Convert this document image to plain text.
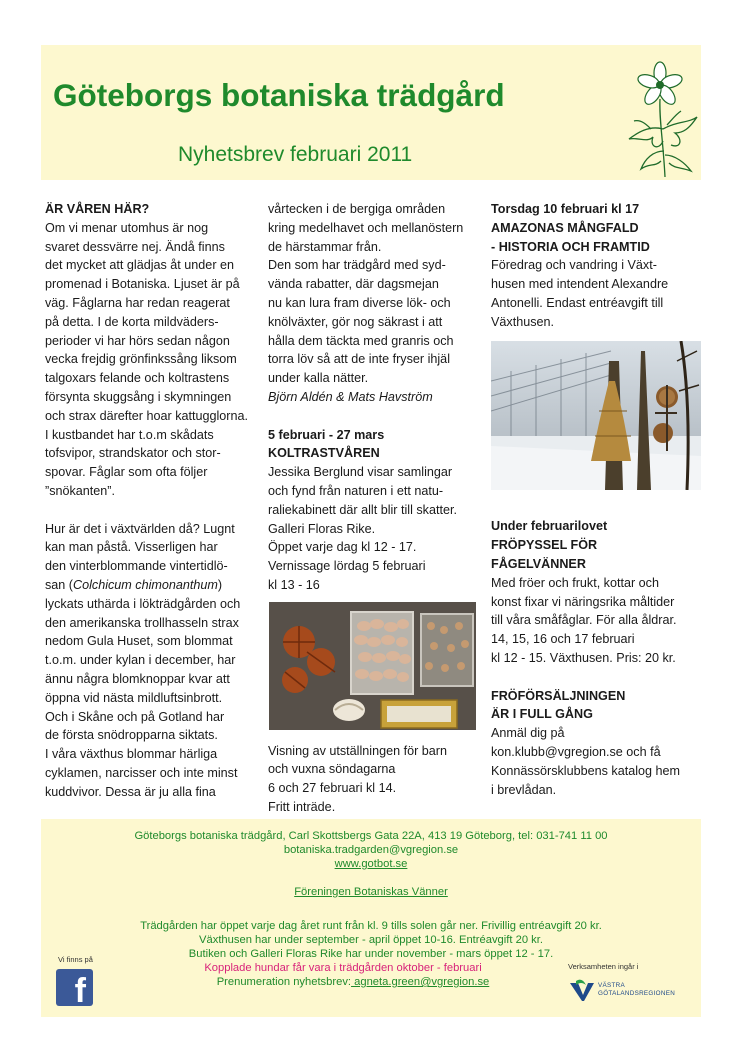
Göteborgs botaniska trädgård
Nyhetsbrev februari 2011

ÄR VÅREN HÄR?

Om vi menar utomhus är nog

svaret dessvärre nej. Ändå finns

det mycket att glädjas åt under en

promenad i Botaniska. Ljuset är på

väg. Fåglarna har redan reagerat

på detta. I de korta mildväders-

perioder vi har hörs sedan någon

vecka frejdig grönfinkssång liksom

talgoxars felande och koltrastens

försynta skuggsång i skymningen

och strax därefter hoar kattugglorna.

I kustbandet har t.o.m skådats

tofsvipor, strandskator och stor-

spovar. Fåglar som ofta följer

”snökanten”.

Hur är det i växtvärlden då? Lugnt

kan man påstå. Visserligen har

den vinterblommande vintertidlö-

san (Colchicum chimonanthum)

lyckats uthärda i lökträdgården och

den amerikanska trollhasseln strax

nedom Gula Huset, som blommat

t.o.m. under kylan i december, har

ännu några blomknoppar kvar att

öppna vid nästa mildluftsinbrott.

Och i Skåne och på Gotland har

de första snödropparna siktats.

I våra växthus blommar härliga

cyklamen, narcisser och inte minst

kuddvivor. Dessa är ju alla fina

vårtecken i de bergiga områden

kring medelhavet och mellanöstern

de härstammar från.

Den som har trädgård med syd-

vända rabatter, där dagsmejan

nu kan lura fram diverse lök- och

knölväxter, gör nog säkrast i att

hålla dem täckta med granris och

torra löv så att de inte fryser ihjäl

under kalla nätter.

Björn Aldén & Mats Havström

5 februari - 27 mars

KOLTRASTVÅREN

Jessika Berglund visar samlingar

och fynd från naturen i ett natu-

raliekabinett där allt blir till skatter.

Galleri Floras Rike.

Öppet varje dag kl 12 - 17.

Vernissage lördag 5 februari

kl 13 - 16

Visning av utställningen för barn

och vuxna söndagarna

6 och 27 februari kl 14.

Fritt inträde.

Torsdag 10 februari kl 17

AMAZONAS MÅNGFALD

- HISTORIA OCH FRAMTID

Föredrag och vandring i Växt-

husen med intendent Alexandre

Antonelli. Endast entréavgift till

Växthusen.

Under februarilovet

FRÖPYSSEL FÖR

FÅGELVÄNNER

Med fröer och frukt, kottar och

konst fixar vi näringsrika måltider

till våra småfåglar. För alla åldrar.

14, 15, 16 och 17 februari

kl 12 - 15. Växthusen. Pris: 20 kr.

FRÖFÖRSÄLJNINGEN

ÄR I FULL GÅNG

Anmäl dig på

kon.klubb@vgregion.se och få

Konnässörsklubbens katalog hem

i brevlådan.

Göteborgs botaniska trädgård, Carl Skottsbergs Gata 22A, 413 19 Göteborg, tel: 031-741 11 00
botaniska.tradgarden@vgregion.se
www.gotbot.se
Föreningen Botaniskas Vänner
Trädgården har öppet varje dag året runt från kl. 9 tills solen går ner. Frivillig entréavgift 20 kr.
Växthusen har under september - april öppet 10-16. Entréavgift 20 kr.
Butiken och Galleri Floras Rike har under november - mars öppet 12 - 17.
Kopplade hundar får vara i trädgården oktober - februari
Prenumeration nyhetsbrev: agneta.green@vgregion.se
Vi finns på
f
Verksamheten ingår i
VÄSTRA
GÖTALANDSREGIONEN
